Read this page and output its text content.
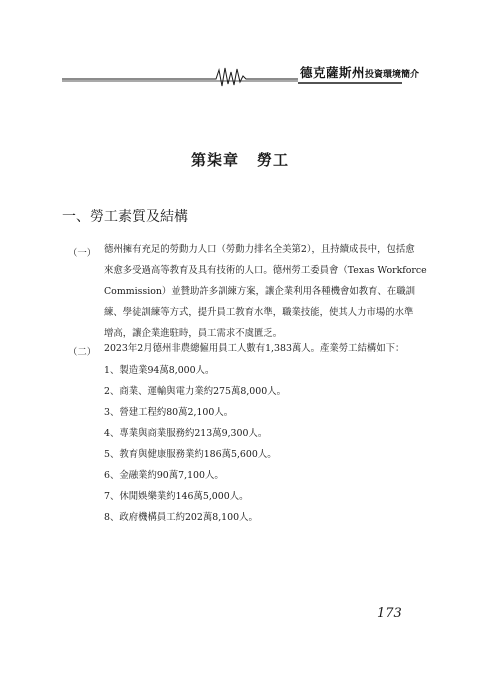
德克薩斯州投資環境簡介
第柒章 勞工
一、勞工素質及結構
（一） 德州擁有充足的勞動力人口（勞動力排名全美第2），且持續成長中，包括愈
來愈多受過高等教育及具有技術的人口。德州勞工委員會（Texas Workforce
Commission）並贊助許多訓練方案，讓企業利用各種機會如教育、在職訓
練、學徒訓練等方式，提升員工教育水準，職業技能，使其人力市場的水準
增高，讓企業進駐時，員工需求不虞匱乏。
（二） 2023年2月德州非農總僱用員工人數有1,383萬人。產業勞工結構如下：
1、製造業94萬8,000人。
2、商業、運輸與電力業約275萬8,000人。
3、營建工程約80萬2,100人。
4、專業與商業服務約213萬9,300人。
5、教育與健康服務業約186萬5,600人。
6、金融業約90萬7,100人。
7、休閒娛樂業約146萬5,000人。
8、政府機構員工約202萬8,100人。
173
